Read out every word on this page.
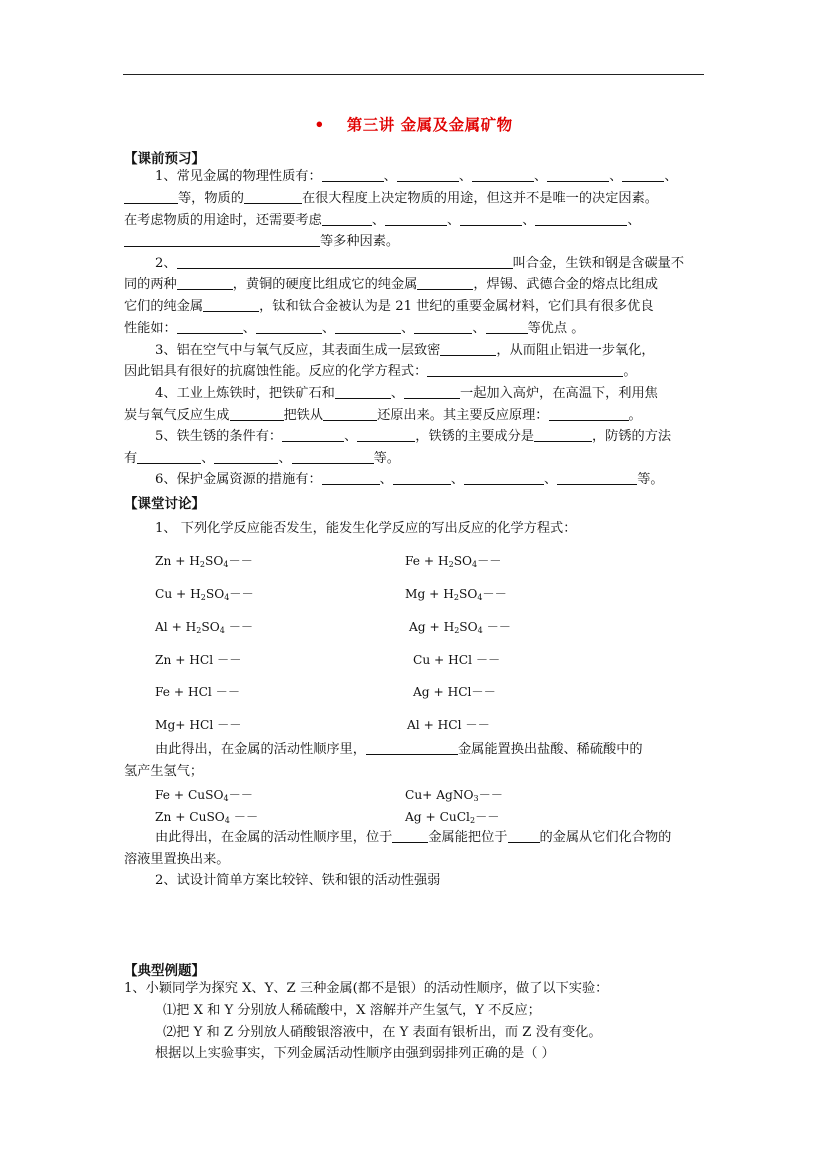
• 第三讲 金属及金属矿物
【课前预习】
1、常见金属的物理性质有：	、	、	、	、	、
等，物质的	在很大程度上决定物质的用途，但这并不是唯一的决定因素。
在考虑物质的用途时，还需要考虑	、	、	、	、
等多种因素。
2、	叫合金，生铁和钢是含碳量不
同的两种	，黄铜的硬度比组成它的纯金属	，焊锡、武德合金的熔点比组成
它们的纯金属	，钛和钛合金被认为是 21 世纪的重要金属材料，它们具有很多优良
性能如：	、	、	、	、	等优点 。
3、铝在空气中与氧气反应，其表面生成一层致密	，从而阻止铝进一步氧化，
因此铝具有很好的抗腐蚀性能。反应的化学方程式：	。
4、工业上炼铁时，把铁矿石和	、	一起加入高炉，在高温下，利用焦
炭与氧气反应生成	把铁从	还原出来。其主要反应原理：	。
5、铁生锈的条件有：	、	，铁锈的主要成分是	，防锈的方法
有	、	、	等。
6、保护金属资源的措施有：	、	、	、	等。
【课堂讨论】
1、 下列化学反应能否发生，能发生化学反应的写出反应的化学方程式：
$Zn + H_2SO_4--$	$Fe + H_2SO_4--$
$Cu + H_2SO_4--$	$Mg + H_2SO_4--$
$Al + H_2SO_4$ －－	$Ag + H_2SO_4$ －－
Zn + HCl －－	Cu + HCl －－
Fe + HCl －－	Ag + HCl－－
Mg+ HCl －－	Al + HCl －－
由此得出，在金属的活动性顺序里，	金属能置换出盐酸、稀硫酸中的
氢产生氢气；
Fe + CuSO$_4$－－	Cu+ AgNO$_3$－－
Zn + CuSO$_4$ －－	Ag + CuCl$_2$－－
由此得出，在金属的活动性顺序里，位于	金属能把位于 的金属从它们化合物的
溶液里置换出来。
2、试设计简单方案比较锌、铁和银的活动性强弱
【典型例题】
1、小颖同学为探究 X、Y、Z 三种金属(都不是银）的活动性顺序，做了以下实验：
⑴把 X 和 Y 分别放人稀硫酸中，X 溶解并产生氢气，Y 不反应；
⑵把 Y 和 Z 分别放人硝酸银溶液中，在 Y 表面有银析出，而 Z 没有变化。
根据以上实验事实，下列金属活动性顺序由强到弱排列正确的是（ ）
